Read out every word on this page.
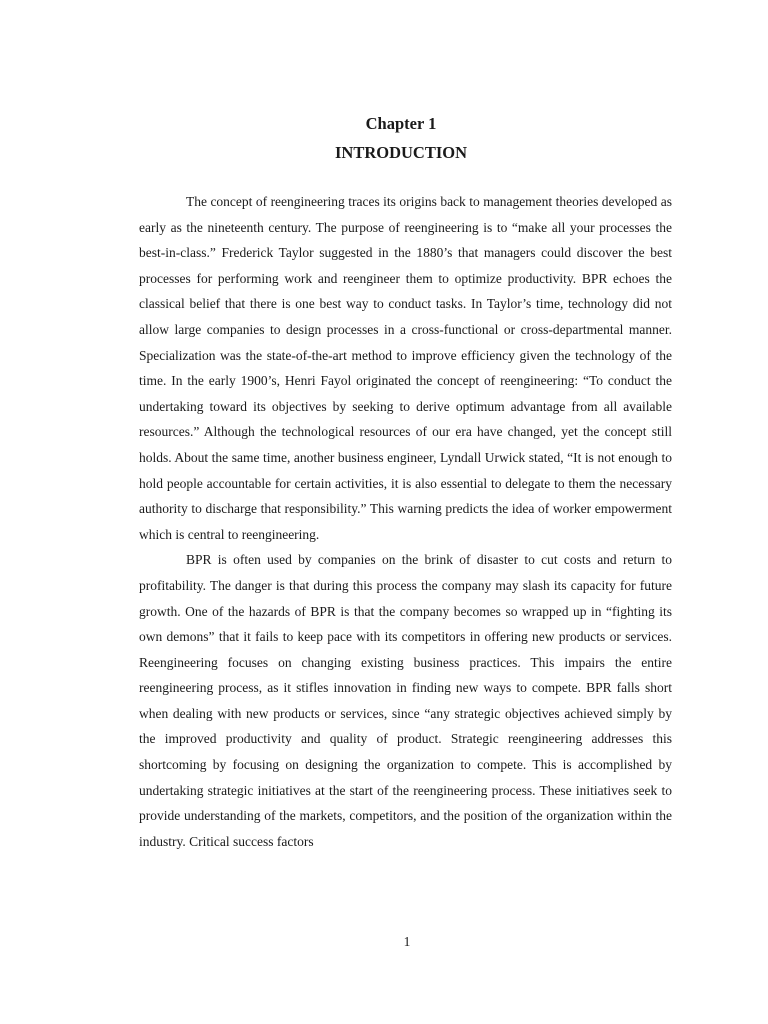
Chapter 1
INTRODUCTION

The concept of reengineering traces its origins back to management theories developed as early as the nineteenth century. The purpose of reengineering is to “make all your processes the best-in-class.” Frederick Taylor suggested in the 1880’s that managers could discover the best processes for performing work and reengineer them to optimize productivity. BPR echoes the classical belief that there is one best way to conduct tasks. In Taylor’s time, technology did not allow large companies to design processes in a cross-functional or cross-departmental manner. Specialization was the state-of-the-art method to improve efficiency given the technology of the time. In the early 1900’s, Henri Fayol originated the concept of reengineering: “To conduct the undertaking toward its objectives by seeking to derive optimum advantage from all available resources.” Although the technological resources of our era have changed, yet the concept still holds. About the same time, another business engineer, Lyndall Urwick stated, “It is not enough to hold people accountable for certain activities, it is also essential to delegate to them the necessary authority to discharge that responsibility.” This warning predicts the idea of worker empowerment which is central to reengineering.

BPR is often used by companies on the brink of disaster to cut costs and return to profitability. The danger is that during this process the company may slash its capacity for future growth. One of the hazards of BPR is that the company becomes so wrapped up in “fighting its own demons” that it fails to keep pace with its competitors in offering new products or services. Reengineering focuses on changing existing business practices. This impairs the entire reengineering process, as it stifles innovation in finding new ways to compete. BPR falls short when dealing with new products or services, since “any strategic objectives achieved simply by the improved productivity and quality of product. Strategic reengineering addresses this shortcoming by focusing on designing the organization to compete. This is accomplished by undertaking strategic initiatives at the start of the reengineering process. These initiatives seek to provide understanding of the markets, competitors, and the position of the organization within the industry. Critical success factors

1
